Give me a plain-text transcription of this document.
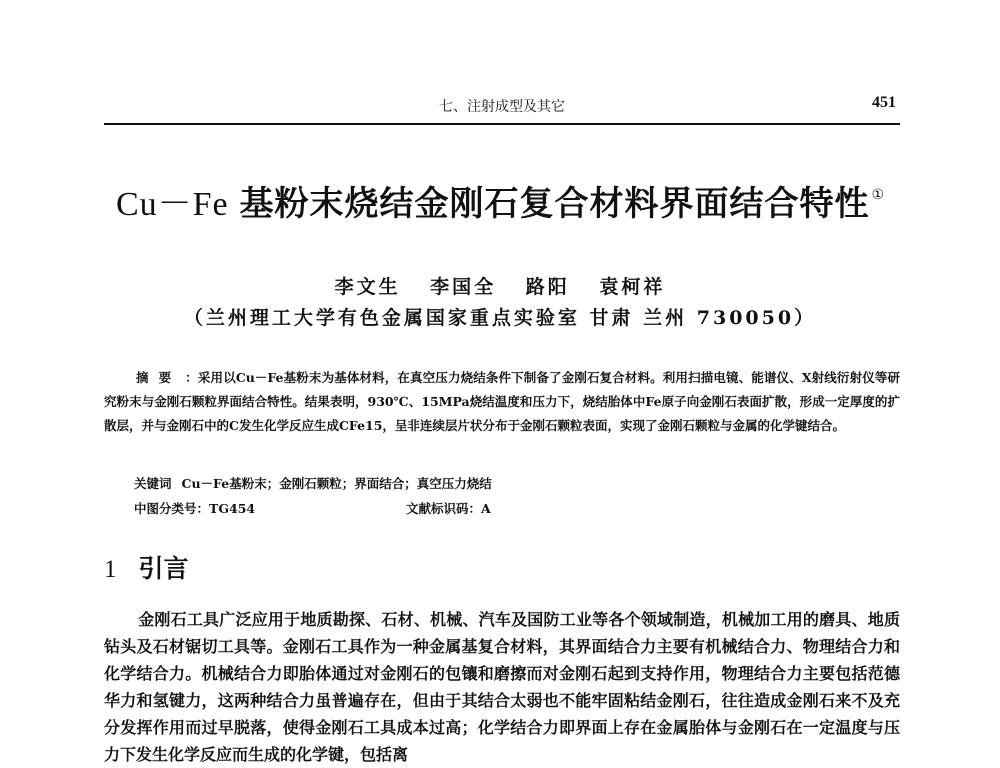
七、注射成型及其它	451
Cu－Fe 基粉末烧结金刚石复合材料界面结合特性 ①
李文生 李国全 路阳 袁柯祥
（兰州理工大学有色金属国家重点实验室 甘肃 兰州 730050）
摘要 ：采用以Cu－Fe基粉末为基体材料，在真空压力烧结条件下制备了金刚石复合材料。利用扫描电镜、能谱仪、X射线衍射仪等研究粉末与金刚石颗粒界面结合特性。结果表明，930℃、15MPa烧结温度和压力下，烧结胎体中Fe原子向金刚石表面扩散，形成一定厚度的扩散层，并与金刚石中的C发生化学反应生成CFe15，呈非连续层片状分布于金刚石颗粒表面，实现了金刚石颗粒与金属的化学键结合。
关键词 Cu－Fe基粉末；金刚石颗粒；界面结合；真空压力烧结
中图分类号：TG454	文献标识码：A
1 引言
金刚石工具广泛应用于地质勘探、石材、机械、汽车及国防工业等各个领域制造，机械加工用的磨具、地质钻头及石材锯切工具等。金刚石工具作为一种金属基复合材料，其界面结合力主要有机械结合力、物理结合力和化学结合力。机械结合力即胎体通过对金刚石的包镶和磨擦而对金刚石起到支持作用，物理结合力主要包括范德华力和氢键力，这两种结合力虽普遍存在，但由于其结合太弱也不能牢固粘结金刚石，往往造成金刚石来不及充分发挥作用而过早脱落，使得金刚石工具成本过高；化学结合力即界面上存在金属胎体与金刚石在一定温度与压力下发生化学反应而生成的化学键，包括离
